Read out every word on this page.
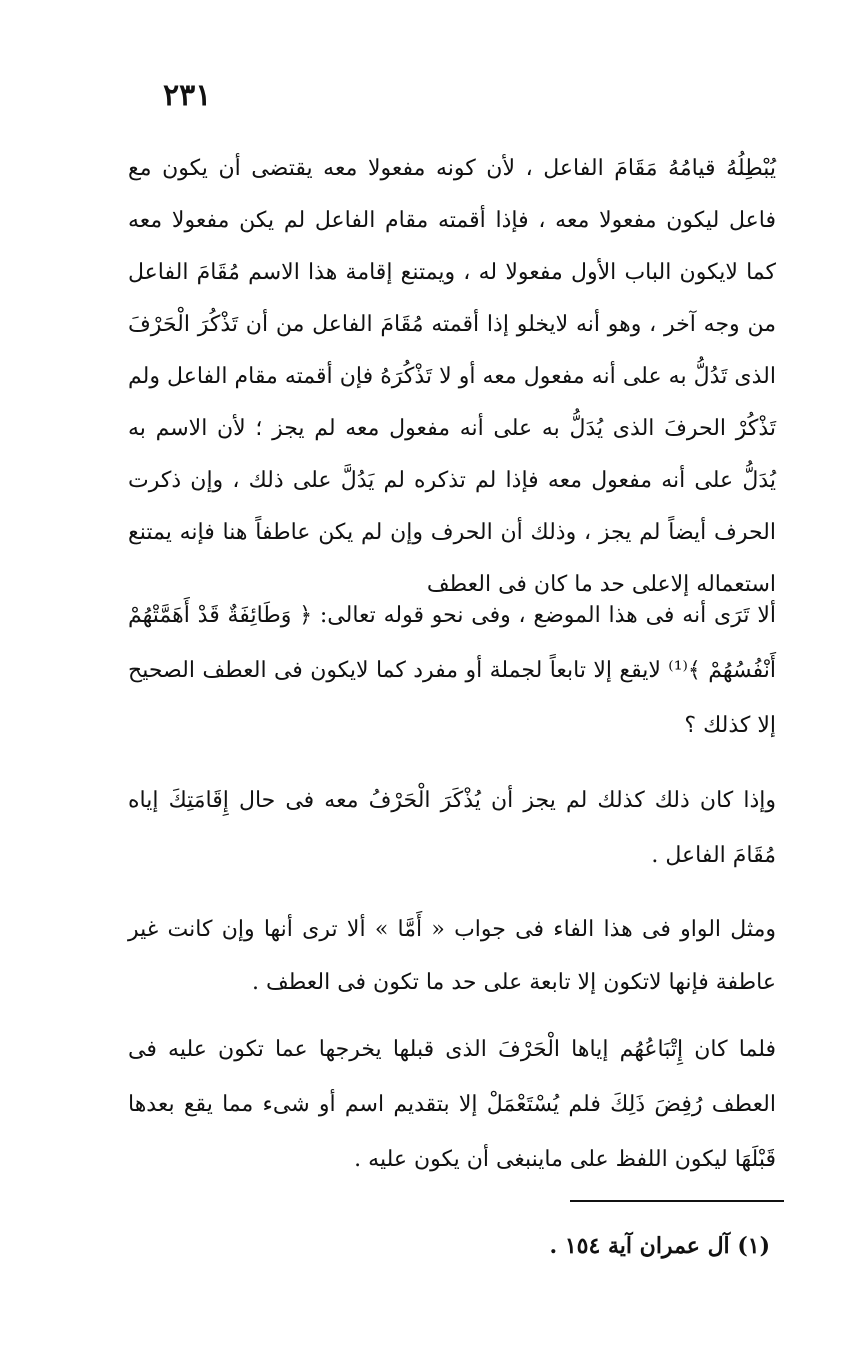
٢٣١

يُبْطِلُهُ قيامُهُ مَقَامَ الفاعل ، لأن كونه مفعولا معه يقتضى أن يكون مع فاعل ليكون مفعولا معه ، فإذا أقمته مقام الفاعل لم يكن مفعولا معه كما لايكون الباب الأول مفعولا له ، ويمتنع إقامة هذا الاسم مُقَامَ الفاعل من وجه آخر ، وهو أنه لايخلو إذا أقمته مُقَامَ الفاعل من أن تَذْكُرَ الْحَرْفَ الذى تَدُلُّ به على أنه مفعول معه أو لا تَذْكُرَهُ فإن أقمته مقام الفاعل ولم تَذْكُرْ الحرفَ الذى يُدَلُّ به على أنه مفعول معه لم يجز ؛ لأن الاسم به يُدَلُّ على أنه مفعول معه فإذا لم تذكره لم يَدُلَّ على ذلك ، وإن ذكرت الحرف أيضاً لم يجز ، وذلك أن الحرف وإن لم يكن عاطفاً هنا فإنه يمتنع استعماله إلاعلى حد ما كان فى العطف

ألا تَرَى أنه فى هذا الموضع ، وفى نحو قوله تعالى: ﴿ وَطَائِفَةٌ قَدْ أَهَمَّتْهُمْ أَنْفُسُهُمْ ﴾⁽¹⁾ لايقع إلا تابعاً لجملة أو مفرد كما لايكون فى العطف الصحيح إلا كذلك ؟

وإذا كان ذلك كذلك لم يجز أن يُذْكَرَ الْحَرْفُ معه فى حال إِقَامَتِكَ إياه مُقَامَ الفاعل .

ومثل الواو فى هذا الفاء فى جواب « أَمَّا » ألا ترى أنها وإن كانت غير عاطفة فإنها لاتكون إلا تابعة على حد ما تكون فى العطف .

فلما كان إِتْبَاعُهُم إياها الْحَرْفَ الذى قبلها يخرجها عما تكون عليه فى العطف رُفِضَ ذَلِكَ فلم يُسْتَعْمَلْ إلا بتقديم اسم أو شىء مما يقع بعدها قَبْلَهَا ليكون اللفظ على ماينبغى أن يكون عليه .

(١) آل عمران آية ١٥٤ .
